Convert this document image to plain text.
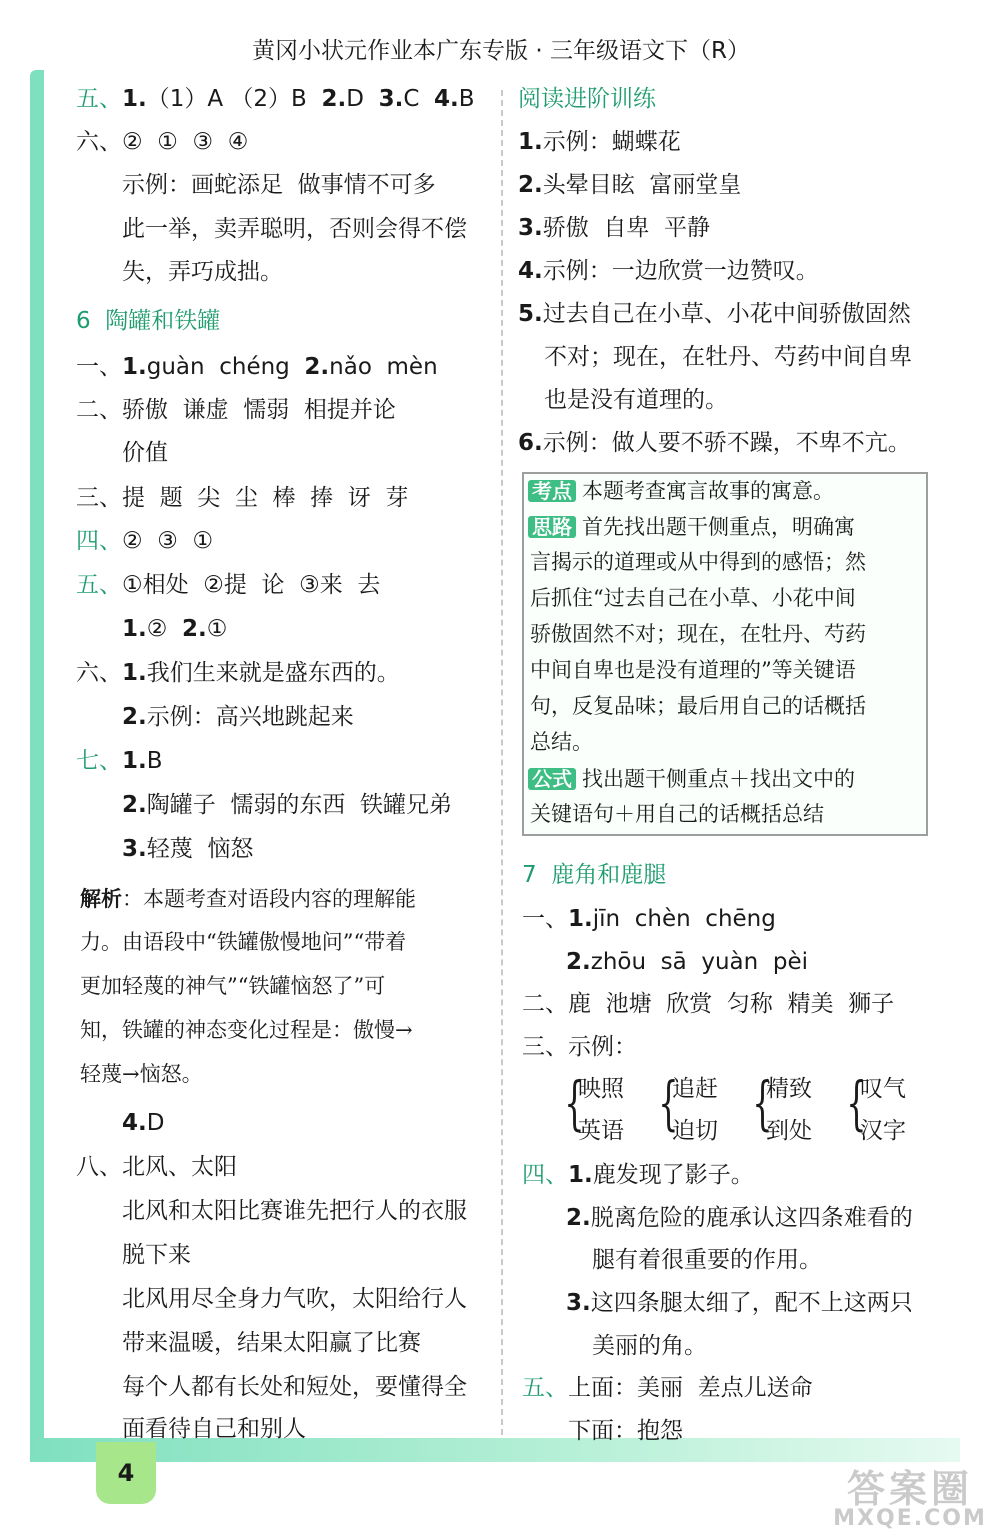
4
黄冈小状元作业本广东专版 · 三年级语文下（R）
五、1.（1）A （2）B  2.D  3.C  4.B
六、②  ①  ③  ④
示例：画蛇添足  做事情不可多
此一举，卖弄聪明，否则会得不偿
失，弄巧成拙。
6  陶罐和铁罐
一、1.guàn  chéng  2.nǎo  mèn
二、骄傲  谦虚  懦弱  相提并论
价值
三、提  题  尖  尘  棒  捧  讶  芽
四、②  ③  ①
五、①相处  ②提  论  ③来  去
1.②  2.①
六、1.我们生来就是盛东西的。
2.示例：高兴地跳起来
七、1.B
2.陶罐子  懦弱的东西  铁罐兄弟
3.轻蔑  恼怒
解析：本题考查对语段内容的理解能
力。由语段中“铁罐傲慢地问”“带着
更加轻蔑的神气”“铁罐恼怒了”可
知，铁罐的神态变化过程是：傲慢→
轻蔑→恼怒。
4.D
八、北风、太阳
北风和太阳比赛谁先把行人的衣服
脱下来
北风用尽全身力气吹，太阳给行人
带来温暖，结果太阳赢了比赛
每个人都有长处和短处，要懂得全
面看待自己和别人
阅读进阶训练
1.示例：蝴蝶花
2.头晕目眩  富丽堂皇
3.骄傲  自卑  平静
4.示例：一边欣赏一边赞叹。
5.过去自己在小草、小花中间骄傲固然
不对；现在，在牡丹、芍药中间自卑
也是没有道理的。
6.示例：做人要不骄不躁，不卑不亢。
考点 本题考查寓言故事的寓意。
思路 首先找出题干侧重点，明确寓
言揭示的道理或从中得到的感悟；然
后抓住“过去自己在小草、小花中间
骄傲固然不对；现在，在牡丹、芍药
中间自卑也是没有道理的”等关键语
句，反复品味；最后用自己的话概括
总结。
公式 找出题干侧重点＋找出文中的
关键语句＋用自己的话概括总结
7  鹿角和鹿腿
一、1.jīn  chèn  chēng
2.zhōu  sā  yuàn  pèi
二、鹿  池塘  欣赏  匀称  精美  狮子
三、示例：
{
映照
英语 {
追赶
迫切 {
精致
到处 {
叹气
汉字
四、1.鹿发现了影子。
2.脱离危险的鹿承认这四条难看的
腿有着很重要的作用。
3.这四条腿太细了，配不上这两只
美丽的角。
五、上面：美丽  差点儿送命
下面：抱怨
答案圈
MXQE.COM
